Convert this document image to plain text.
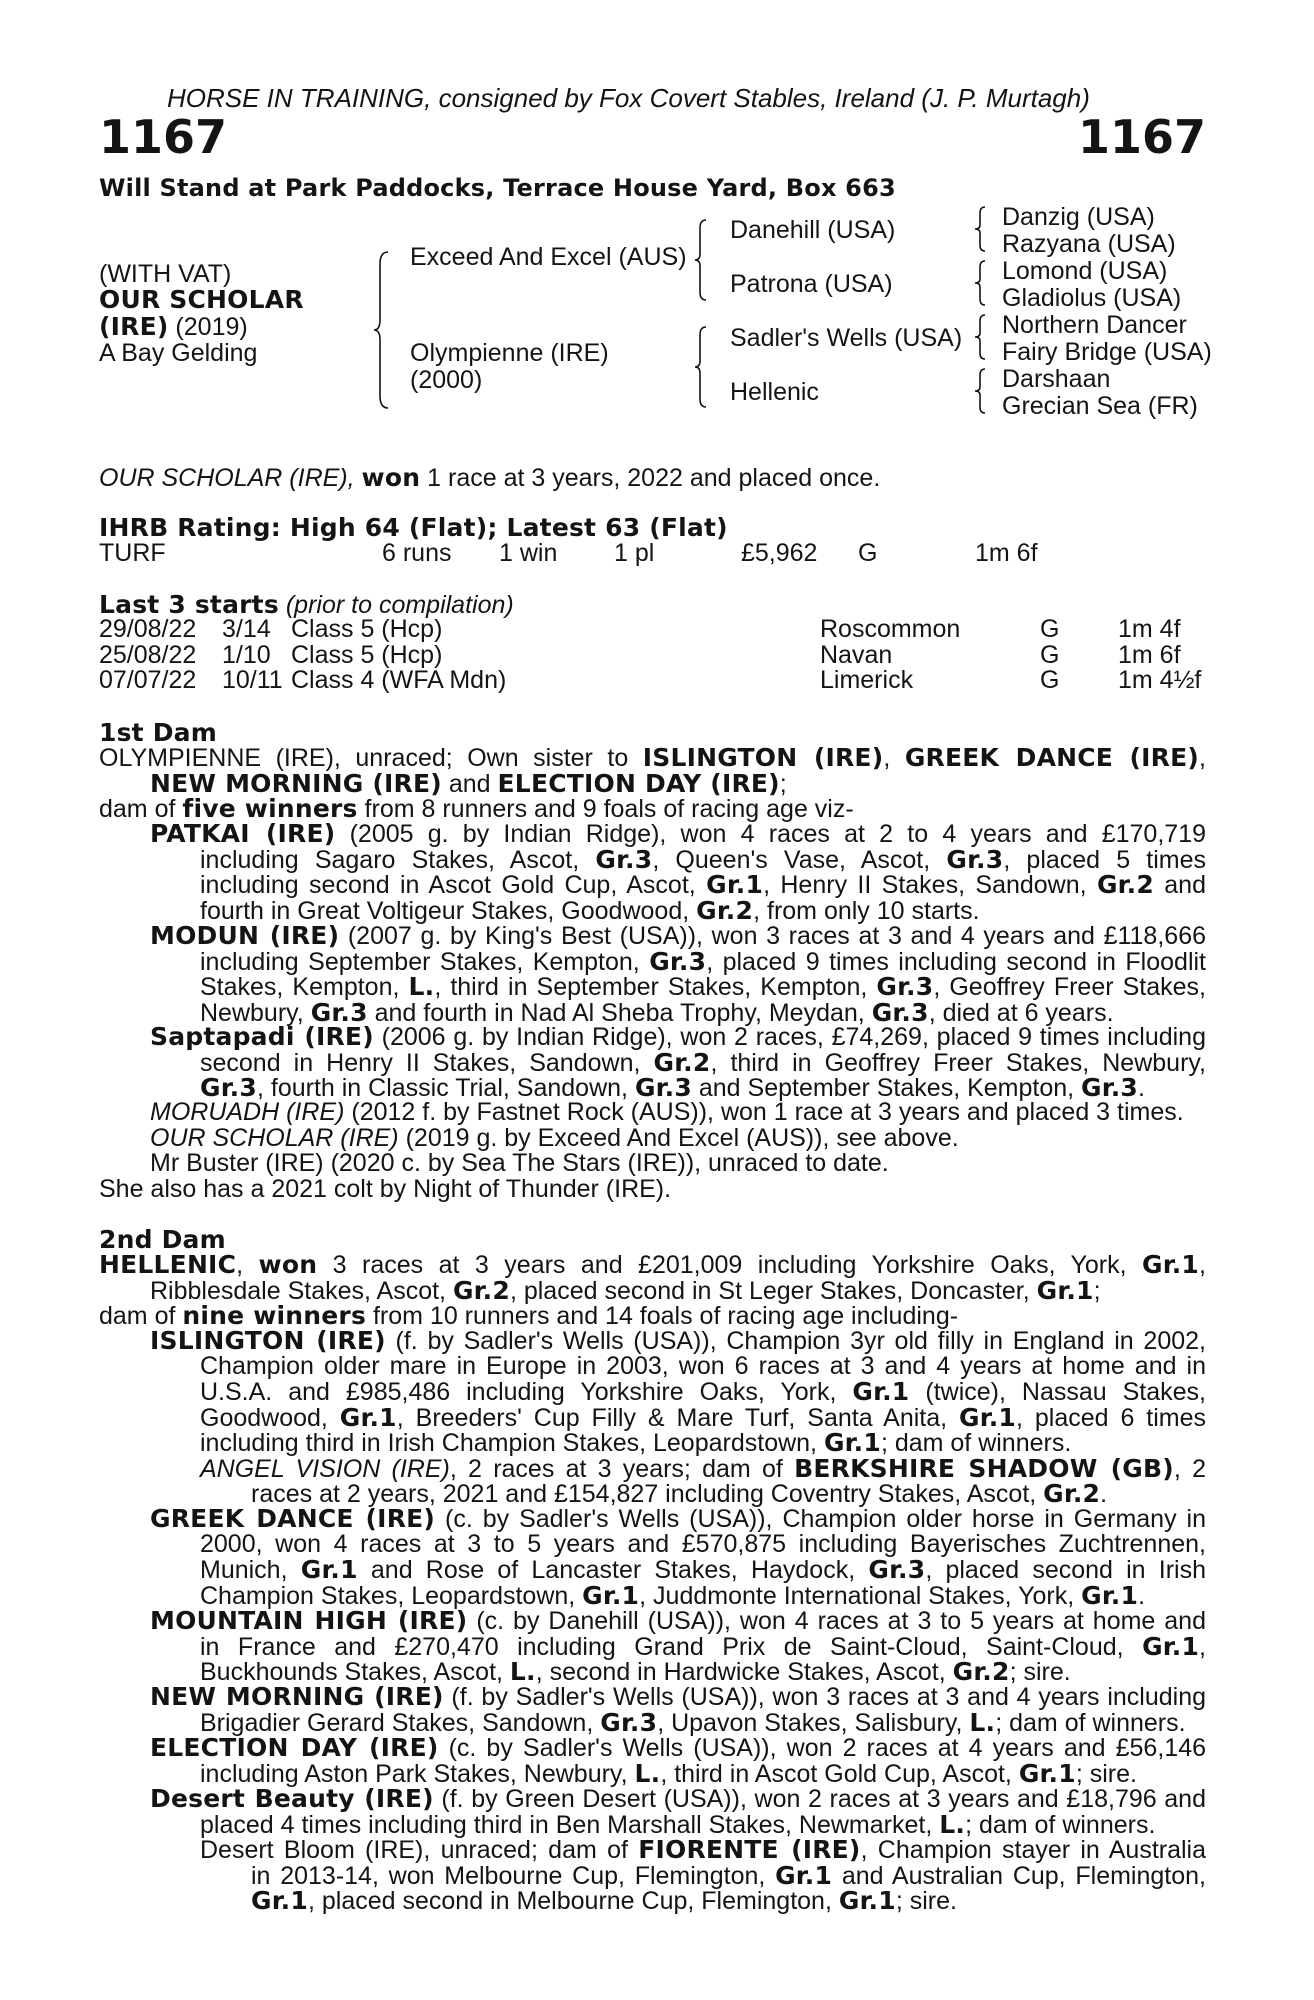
HORSE IN TRAINING, consigned by Fox Covert Stables, Ireland (J. P. Murtagh)
1167	1167
Will Stand at Park Paddocks, Terrace House Yard, Box 663
(WITH VAT)
OUR SCHOLAR
(IRE) (2019)
A Bay Gelding
Exceed And Excel (AUS)
Olympienne (IRE)
(2000)
Danehill (USA)
Patrona (USA)
Sadler's Wells (USA)
Hellenic
Danzig (USA)
Razyana (USA)
Lomond (USA)
Gladiolus (USA)
Northern Dancer
Fairy Bridge (USA)
Darshaan
Grecian Sea (FR)
OUR SCHOLAR (IRE), won 1 race at 3 years, 2022 and placed once.
IHRB Rating: High 64 (Flat); Latest 63 (Flat)
TURF	6 runs 1 win 1 pl	£5,962 G	1m 6f
Last 3 starts (prior to compilation)
29/08/22 3/14 Class 5 (Hcp)	Roscommon	G 1m 4f
25/08/22 1/10 Class 5 (Hcp)	Navan	G 1m 6f
07/07/22 10/11 Class 4 (WFA Mdn)	Limerick	G 1m 4½f
1st Dam
OLYMPIENNE (IRE), unraced; Own sister to ISLINGTON (IRE), GREEK DANCE (IRE),
NEW MORNING (IRE) and ELECTION DAY (IRE);
dam of five winners from 8 runners and 9 foals of racing age viz-
PATKAI (IRE) (2005 g. by Indian Ridge), won 4 races at 2 to 4 years and £170,719
including Sagaro Stakes, Ascot, Gr.3, Queen's Vase, Ascot, Gr.3, placed 5 times
including second in Ascot Gold Cup, Ascot, Gr.1, Henry II Stakes, Sandown, Gr.2 and
fourth in Great Voltigeur Stakes, Goodwood, Gr.2, from only 10 starts.
MODUN (IRE) (2007 g. by King's Best (USA)), won 3 races at 3 and 4 years and £118,666
including September Stakes, Kempton, Gr.3, placed 9 times including second in Floodlit
Stakes, Kempton, L., third in September Stakes, Kempton, Gr.3, Geoffrey Freer Stakes,
Newbury, Gr.3 and fourth in Nad Al Sheba Trophy, Meydan, Gr.3, died at 6 years.
Saptapadi (IRE) (2006 g. by Indian Ridge), won 2 races, £74,269, placed 9 times including
second in Henry II Stakes, Sandown, Gr.2, third in Geoffrey Freer Stakes, Newbury,
Gr.3, fourth in Classic Trial, Sandown, Gr.3 and September Stakes, Kempton, Gr.3.
MORUADH (IRE) (2012 f. by Fastnet Rock (AUS)), won 1 race at 3 years and placed 3 times.
OUR SCHOLAR (IRE) (2019 g. by Exceed And Excel (AUS)), see above.
Mr Buster (IRE) (2020 c. by Sea The Stars (IRE)), unraced to date.
She also has a 2021 colt by Night of Thunder (IRE).
2nd Dam
HELLENIC, won 3 races at 3 years and £201,009 including Yorkshire Oaks, York, Gr.1,
Ribblesdale Stakes, Ascot, Gr.2, placed second in St Leger Stakes, Doncaster, Gr.1;
dam of nine winners from 10 runners and 14 foals of racing age including-
ISLINGTON (IRE) (f. by Sadler's Wells (USA)), Champion 3yr old filly in England in 2002,
Champion older mare in Europe in 2003, won 6 races at 3 and 4 years at home and in
U.S.A. and £985,486 including Yorkshire Oaks, York, Gr.1 (twice), Nassau Stakes,
Goodwood, Gr.1, Breeders' Cup Filly & Mare Turf, Santa Anita, Gr.1, placed 6 times
including third in Irish Champion Stakes, Leopardstown, Gr.1; dam of winners.
ANGEL VISION (IRE), 2 races at 3 years; dam of BERKSHIRE SHADOW (GB), 2
races at 2 years, 2021 and £154,827 including Coventry Stakes, Ascot, Gr.2.
GREEK DANCE (IRE) (c. by Sadler's Wells (USA)), Champion older horse in Germany in
2000, won 4 races at 3 to 5 years and £570,875 including Bayerisches Zuchtrennen,
Munich, Gr.1 and Rose of Lancaster Stakes, Haydock, Gr.3, placed second in Irish
Champion Stakes, Leopardstown, Gr.1, Juddmonte International Stakes, York, Gr.1.
MOUNTAIN HIGH (IRE) (c. by Danehill (USA)), won 4 races at 3 to 5 years at home and
in France and £270,470 including Grand Prix de Saint-Cloud, Saint-Cloud, Gr.1,
Buckhounds Stakes, Ascot, L., second in Hardwicke Stakes, Ascot, Gr.2; sire.
NEW MORNING (IRE) (f. by Sadler's Wells (USA)), won 3 races at 3 and 4 years including
Brigadier Gerard Stakes, Sandown, Gr.3, Upavon Stakes, Salisbury, L.; dam of winners.
ELECTION DAY (IRE) (c. by Sadler's Wells (USA)), won 2 races at 4 years and £56,146
including Aston Park Stakes, Newbury, L., third in Ascot Gold Cup, Ascot, Gr.1; sire.
Desert Beauty (IRE) (f. by Green Desert (USA)), won 2 races at 3 years and £18,796 and
placed 4 times including third in Ben Marshall Stakes, Newmarket, L.; dam of winners.
Desert Bloom (IRE), unraced; dam of FIORENTE (IRE), Champion stayer in Australia
in 2013-14, won Melbourne Cup, Flemington, Gr.1 and Australian Cup, Flemington,
Gr.1, placed second in Melbourne Cup, Flemington, Gr.1; sire.
